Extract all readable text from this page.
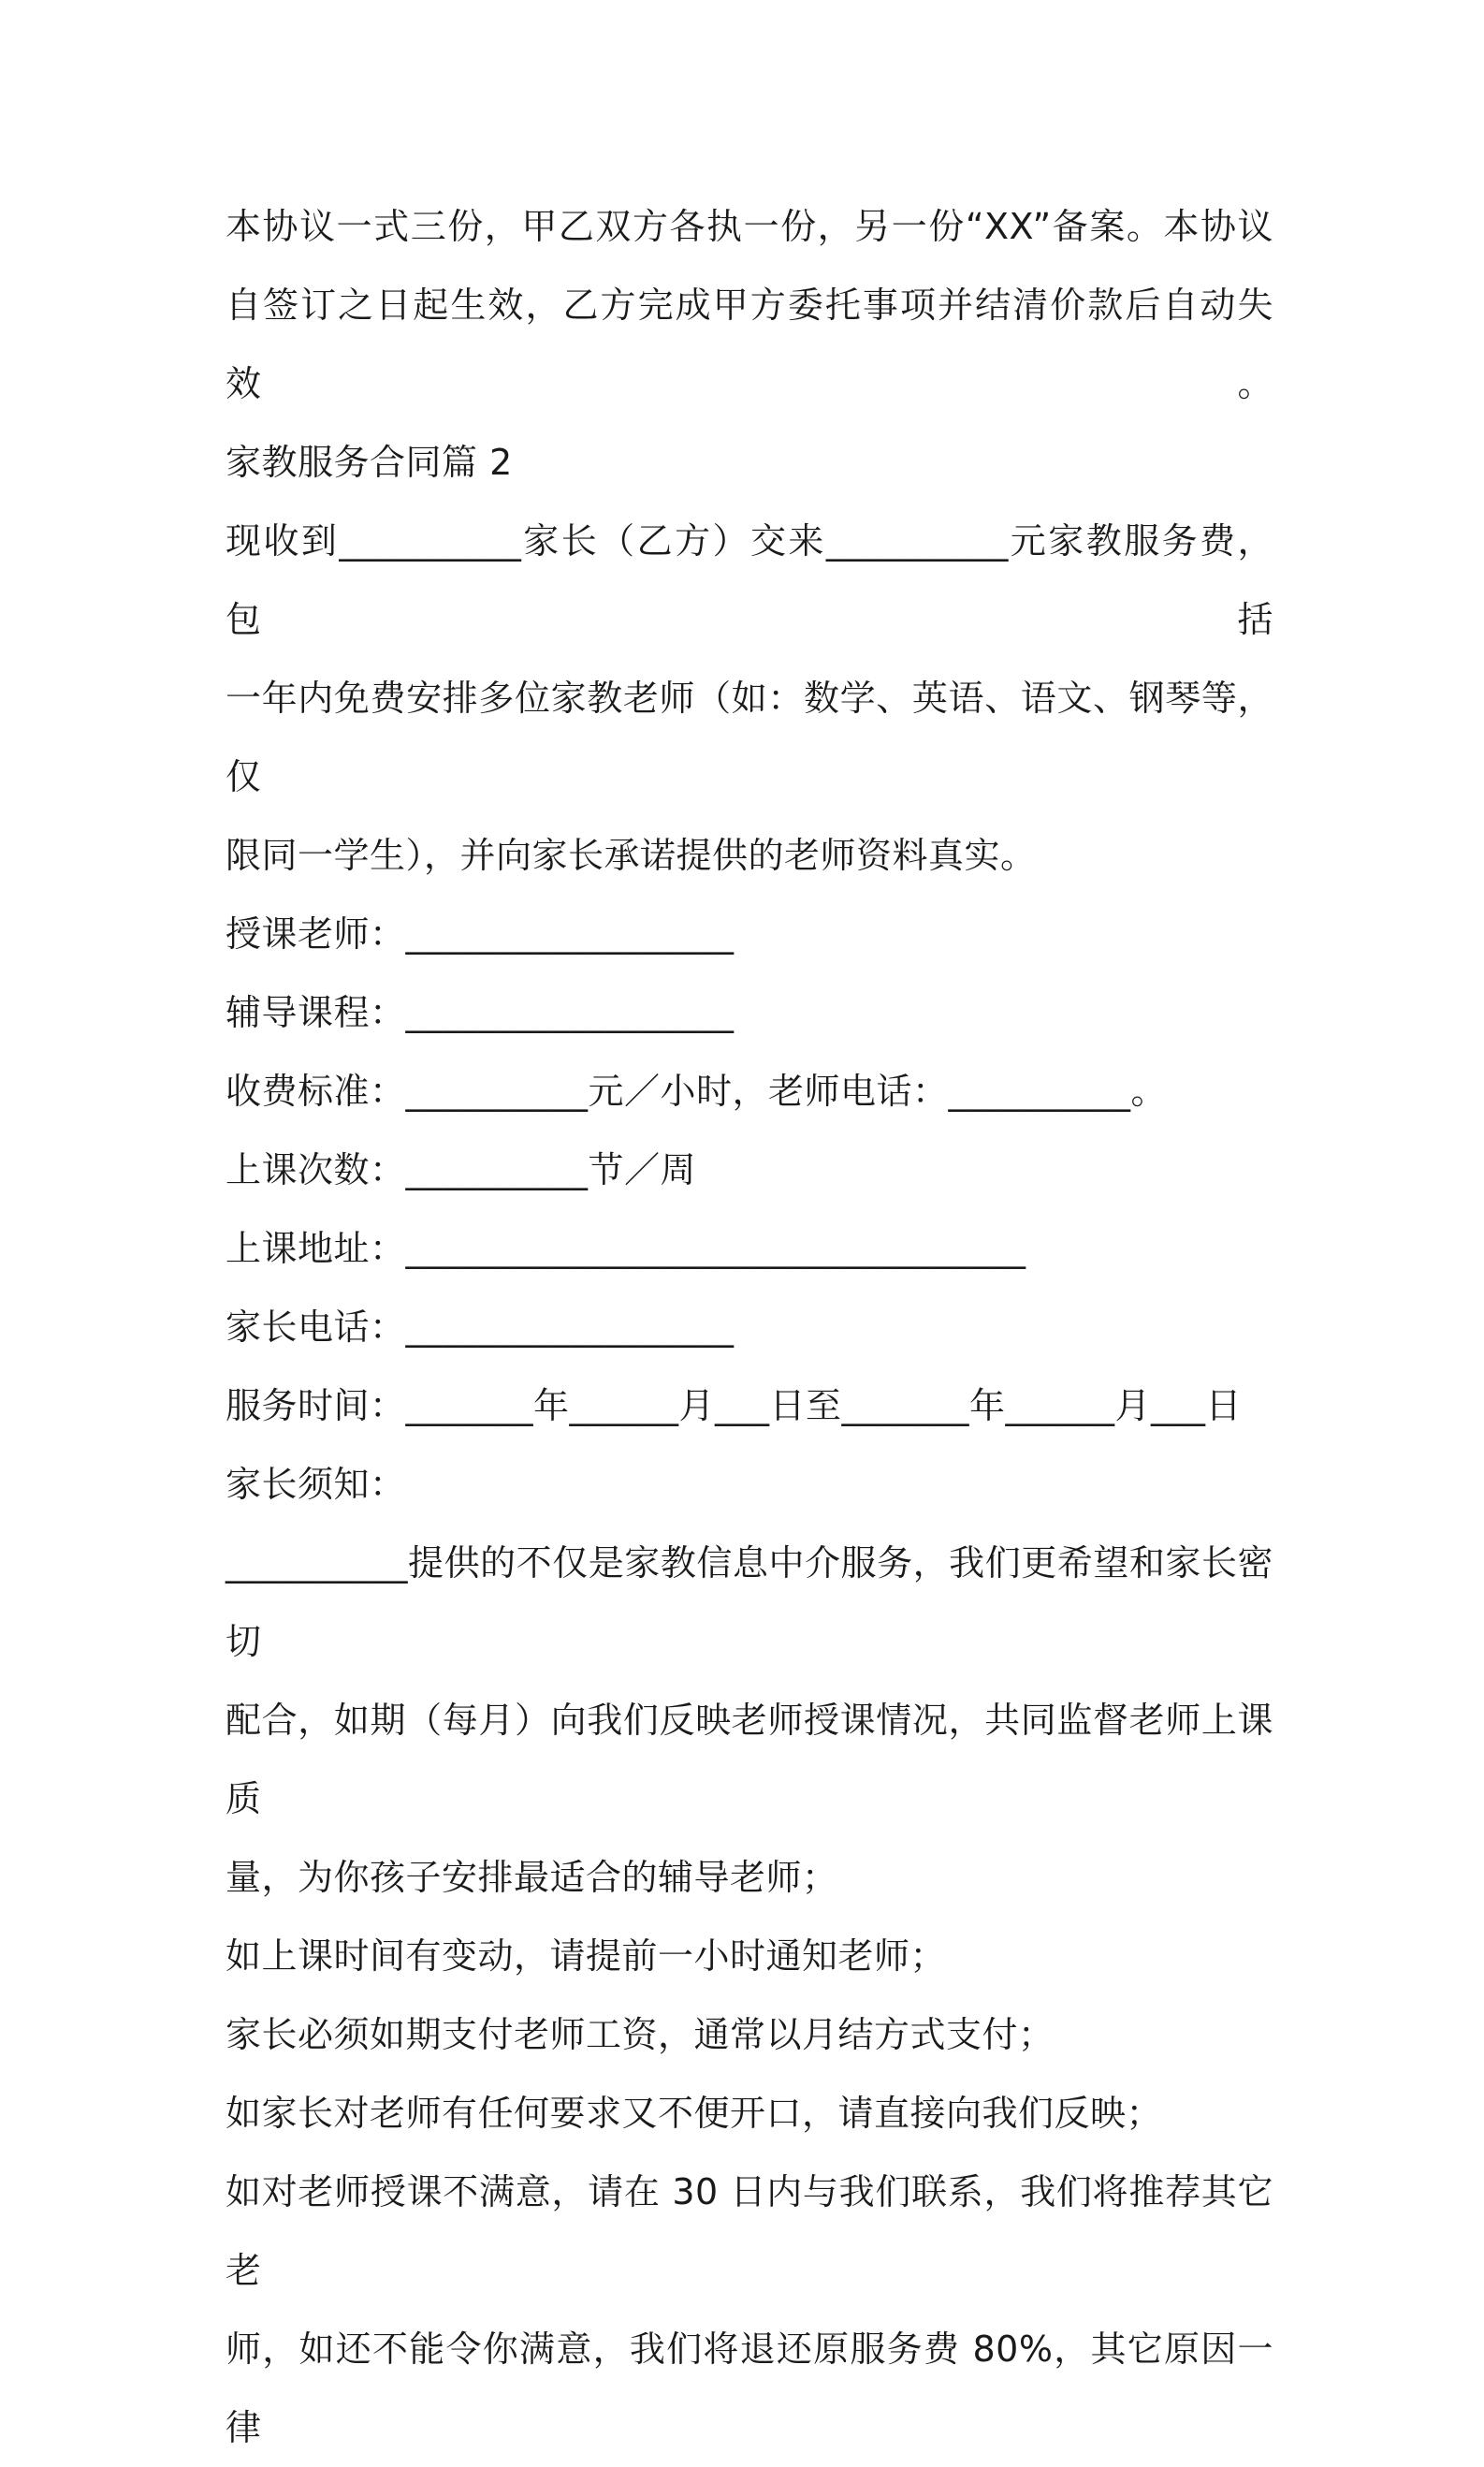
本协议一式三份，甲乙双方各执一份，另一份“XX”备案。本协议
自签订之日起生效，乙方完成甲方委托事项并结清价款后自动失效。
家教服务合同篇 2
现收到__________家长（乙方）交来__________元家教服务费，包括
一年内免费安排多位家教老师（如：数学、英语、语文、钢琴等，仅
限同一学生），并向家长承诺提供的老师资料真实。
授课老师：__________________
辅导课程：__________________
收费标准：__________元／小时，老师电话：__________。
上课次数：__________节／周
上课地址：__________________________________
家长电话：__________________
服务时间：_______年______月___日至_______年______月___日
家长须知：
__________提供的不仅是家教信息中介服务，我们更希望和家长密切
配合，如期（每月）向我们反映老师授课情况，共同监督老师上课质
量，为你孩子安排最适合的辅导老师；
如上课时间有变动，请提前一小时通知老师；
家长必须如期支付老师工资，通常以月结方式支付；
如家长对老师有任何要求又不便开口，请直接向我们反映；
如对老师授课不满意，请在 30 日内与我们联系，我们将推荐其它老
师，如还不能令你满意，我们将退还原服务费 80%，其它原因一律
